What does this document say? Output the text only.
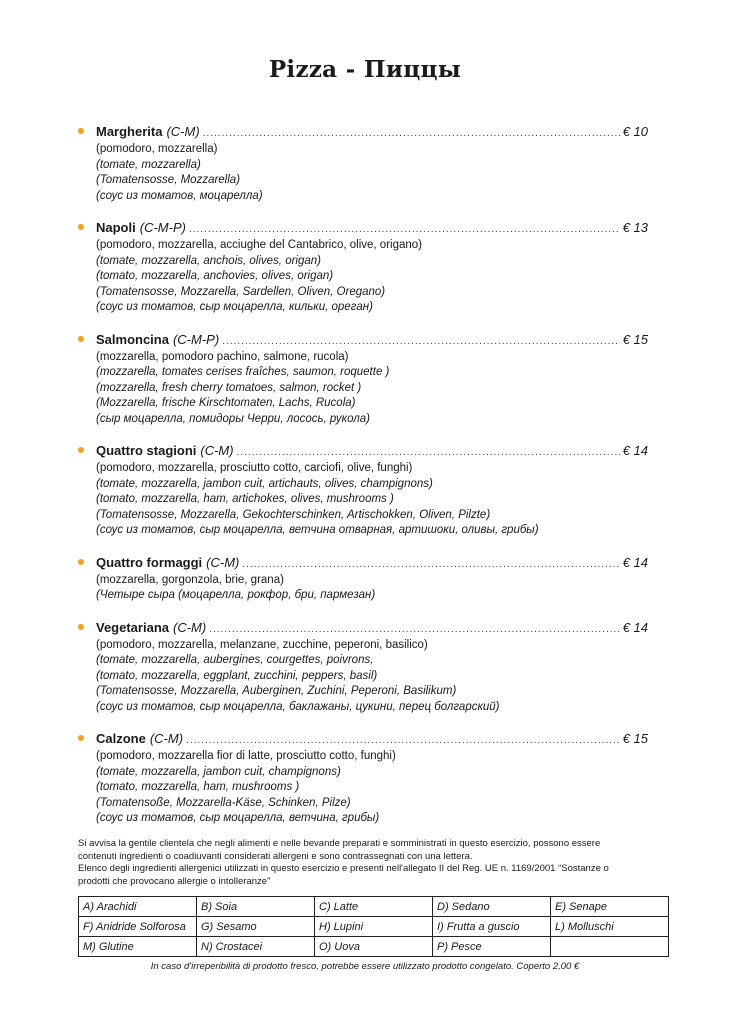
Pizza - Пиццы
Margherita (C-M) .....	€ 10
(pomodoro, mozzarella)
(tomate, mozzarella)
(Tomatensosse, Mozzarella)
(соус из томатов, моцарелла)
Napoli (C-M-P) .....	€ 13
(pomodoro, mozzarella, acciughe del Cantabrico, olive, origano)
(tomate, mozzarella, anchois, olives, origan)
(tomato, mozzarella, anchovies, olives, origan)
(Tomatensosse, Mozzarella, Sardellen, Oliven, Oregano)
(соус из томатов, сыр моцарелла, кильки, орегaн)
Salmoncina (C-M-P) .....	€ 15
(mozzarella, pomodoro pachino, salmone, rucola)
(mozzarella, tomates cerises fraîches, saumon, roquette )
(mozzarella, fresh cherry tomatoes, salmon, rocket )
(Mozzarella, frische Kirschtomaten, Lachs, Rucola)
(сыр моцарелла, помидоры Черри, лосось, рукола)
Quattro stagioni (C-M) .....	€ 14
(pomodoro, mozzarella, prosciutto cotto, carciofi, olive, funghi)
(tomate, mozzarella, jambon cuit, artichauts, olives, champignons)
(tomato, mozzarella, ham, artichokes, olives, mushrooms )
(Tomatensosse, Mozzarella, Gekochterschinken, Artischokken, Oliven, Pilzte)
(соус из томатов, сыр моцарелла, ветчина отварная, артишоки, оливы, грибы)
Quattro formaggi (C-M) .....	€ 14
(mozzarella, gorgonzola, brie, grana)
(Четыре сыра (моцарелла, рокфор, бри, пармезан)
Vegetariana (C-M) .....	€ 14
(pomodoro, mozzarella, melanzane, zucchine, peperoni, basilico)
(tomate, mozzarella, aubergines, courgettes, poivrons,
(tomato, mozzarella, eggplant, zucchini, peppers, basil)
(Tomatensosse, Mozzarella, Auberginen, Zuchini, Peperoni, Basilikum)
(соус из томатов, сыр моцарелла, баклажаны, цукини, перец болгарский)
Calzone (C-M) .....	€ 15
(pomodoro, mozzarella fior di latte, prosciutto cotto, funghi)
(tomate, mozzarella, jambon cuit, champignons)
(tomato, mozzarella, ham, mushrooms )
(Tomatensoße, Mozzarella-Käse, Schinken, Pilze)
(соус из томатов, сыр моцарелла, ветчина, грибы)

Si avvisa la gentile clientela che negli alimenti e nelle bevande preparati e somministrati in questo esercizio, possono essere

contenuti ingredienti o coadiuvanti considerati allergeni e sono contrassegnati con una lettera.

Elenco degli ingredienti allergenici utilizzati in questo esercizio e presenti nell'allegato II del Reg. UE n. 1169/2001 “Sostanze o

prodotti che provocano allergie o intolleranze”

A) Arachidi	B) Soia	C) Latte	D) Sedano	E) Senape
F) Anidride Solforosa	G) Sesamo	H) Lupini	I) Frutta a guscio	L) Molluschi
M) Glutine	N) Crostacei	O) Uova	P) Pesce	
In caso d'irreperibilità di prodotto fresco, potrebbe essere utilizzato prodotto congelato. Coperto 2,00 €
